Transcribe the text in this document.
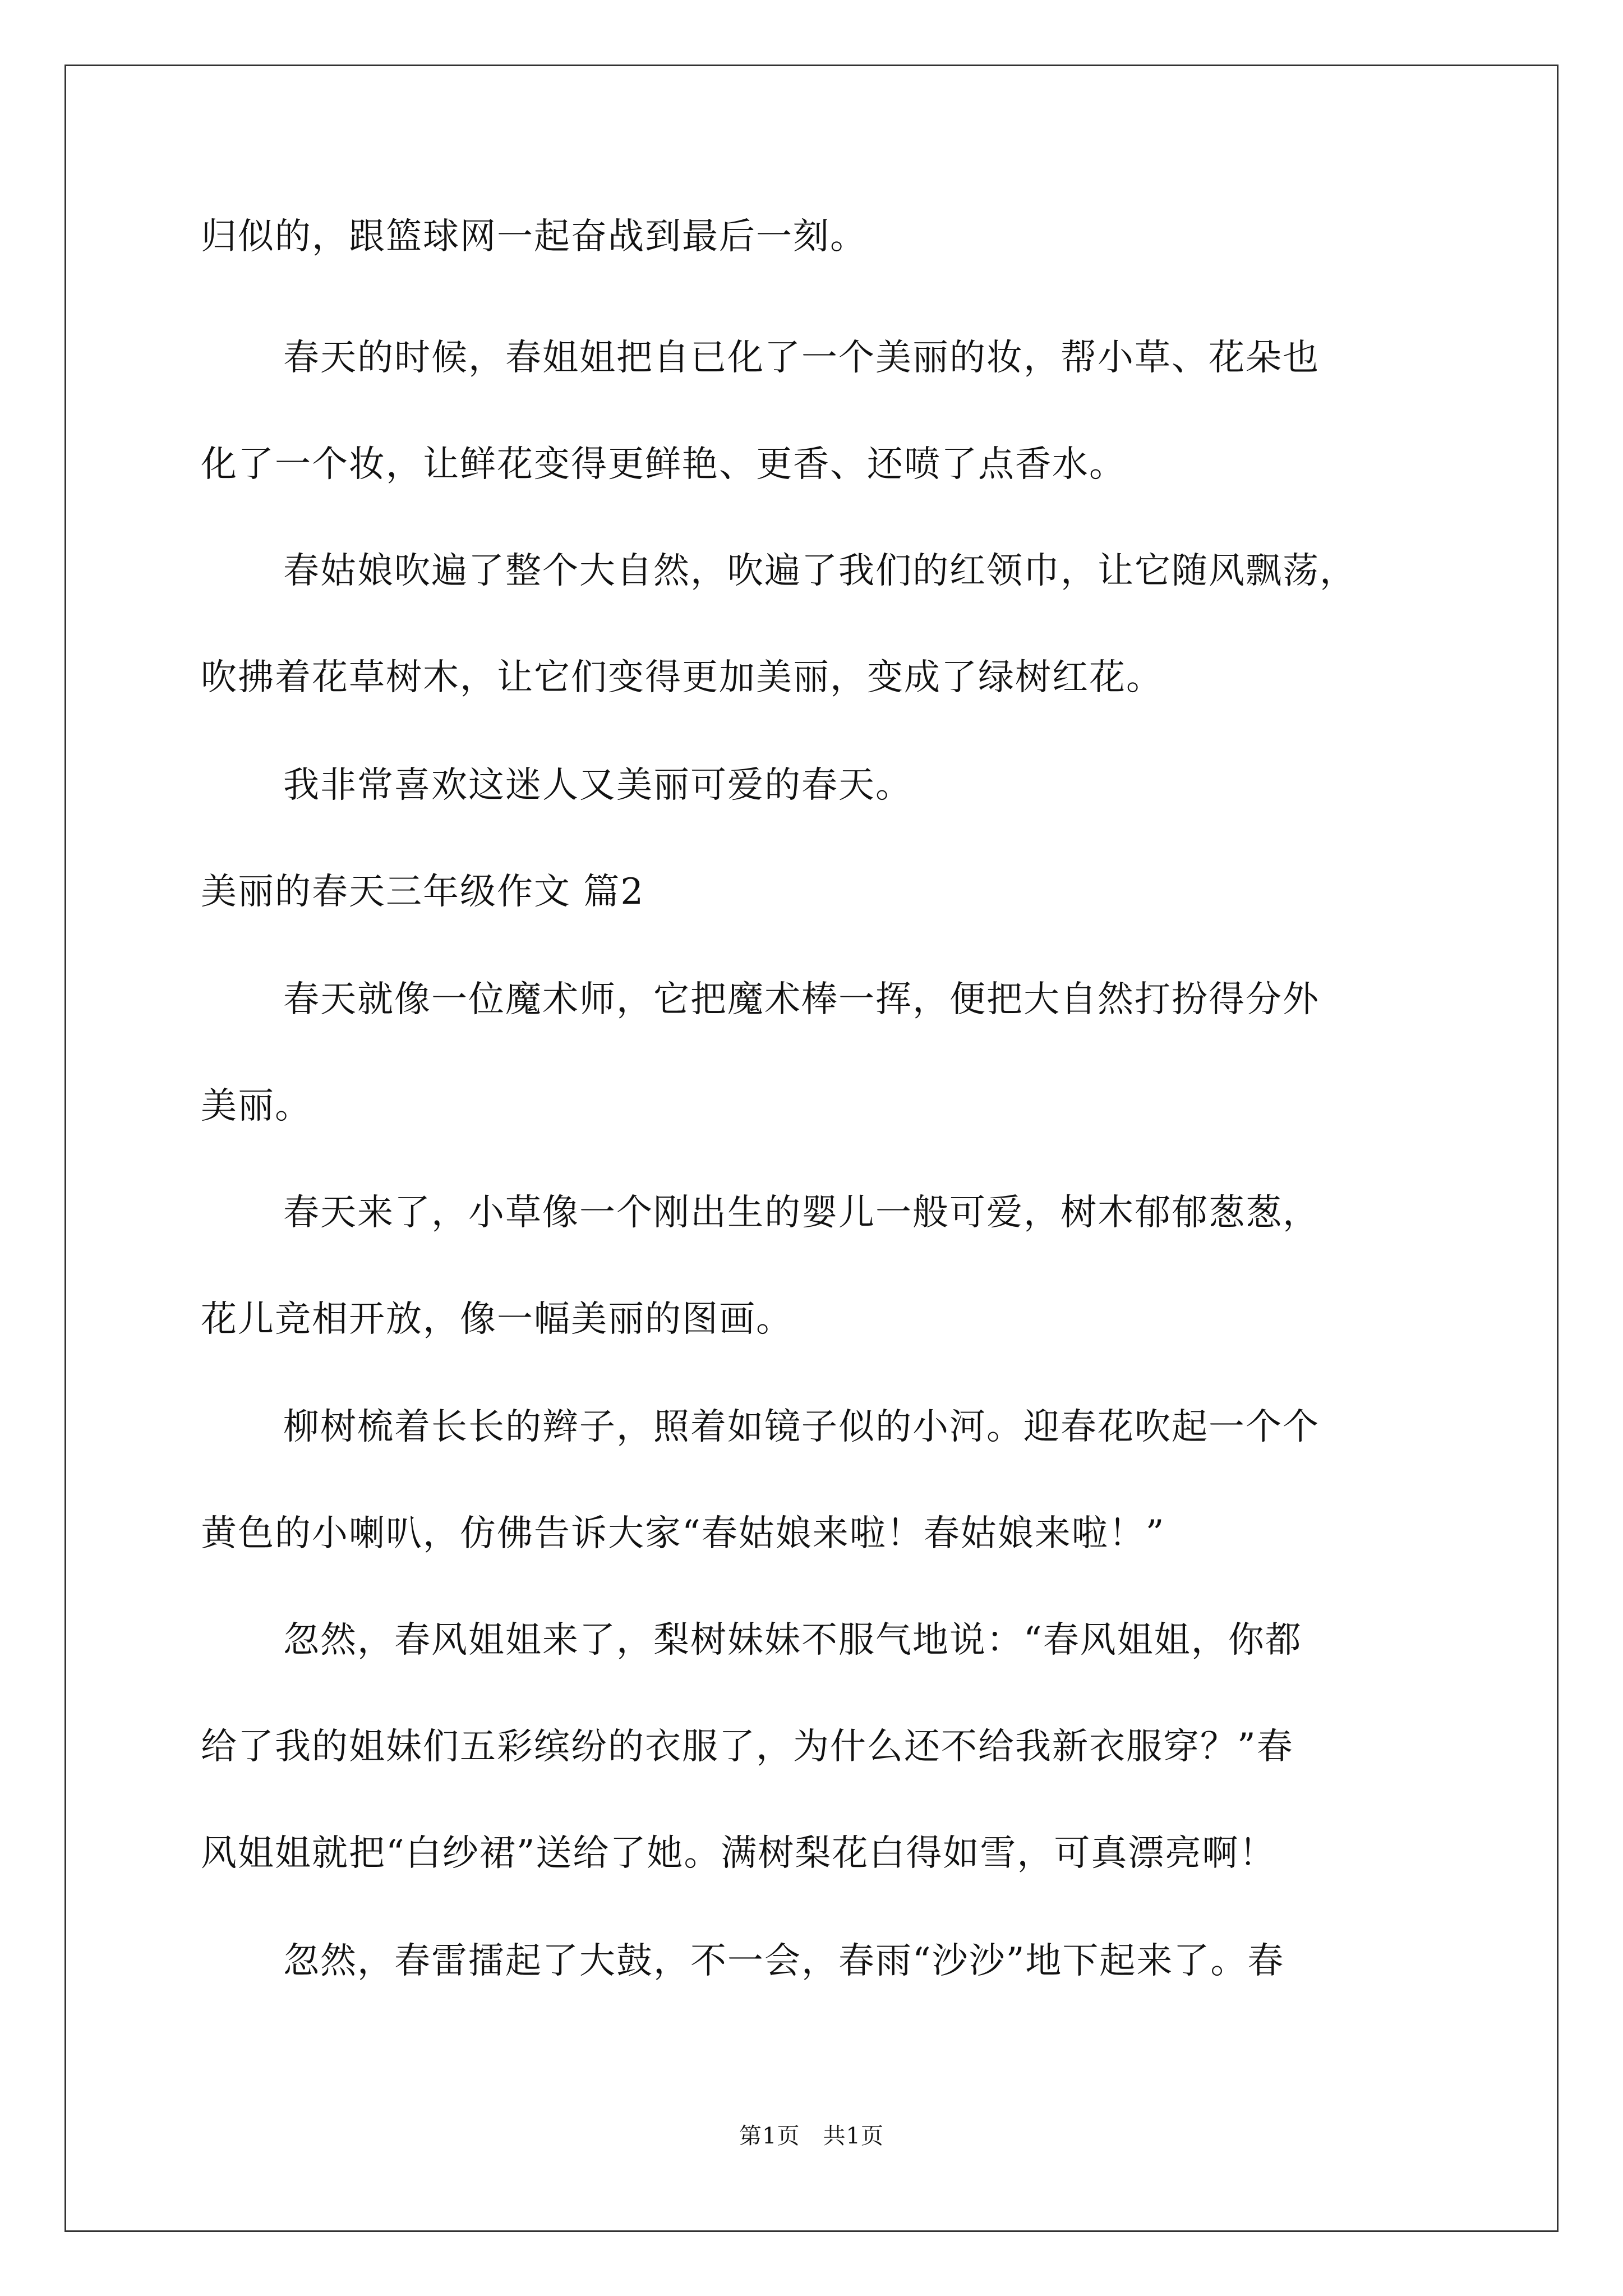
归似的，跟篮球网一起奋战到最后一刻。
春天的时候，春姐姐把自已化了一个美丽的妆，帮小草、花朵也
化了一个妆，让鲜花变得更鲜艳、更香、还喷了点香水。
春姑娘吹遍了整个大自然，吹遍了我们的红领巾，让它随风飘荡，
吹拂着花草树木，让它们变得更加美丽，变成了绿树红花。
我非常喜欢这迷人又美丽可爱的春天。
美丽的春天三年级作文 篇2
春天就像一位魔术师，它把魔术棒一挥，便把大自然打扮得分外
美丽。
春天来了，小草像一个刚出生的婴儿一般可爱，树木郁郁葱葱，
花儿竞相开放，像一幅美丽的图画。
柳树梳着长长的辫子，照着如镜子似的小河。迎春花吹起一个个
黄色的小喇叭，仿佛告诉大家“春姑娘来啦！春姑娘来啦！”
忽然，春风姐姐来了，梨树妹妹不服气地说：“春风姐姐，你都
给了我的姐妹们五彩缤纷的衣服了，为什么还不给我新衣服穿？”春
风姐姐就把“白纱裙”送给了她。满树梨花白得如雪，可真漂亮啊！
忽然，春雷擂起了大鼓，不一会，春雨“沙沙”地下起来了。春
第1页　共1页
